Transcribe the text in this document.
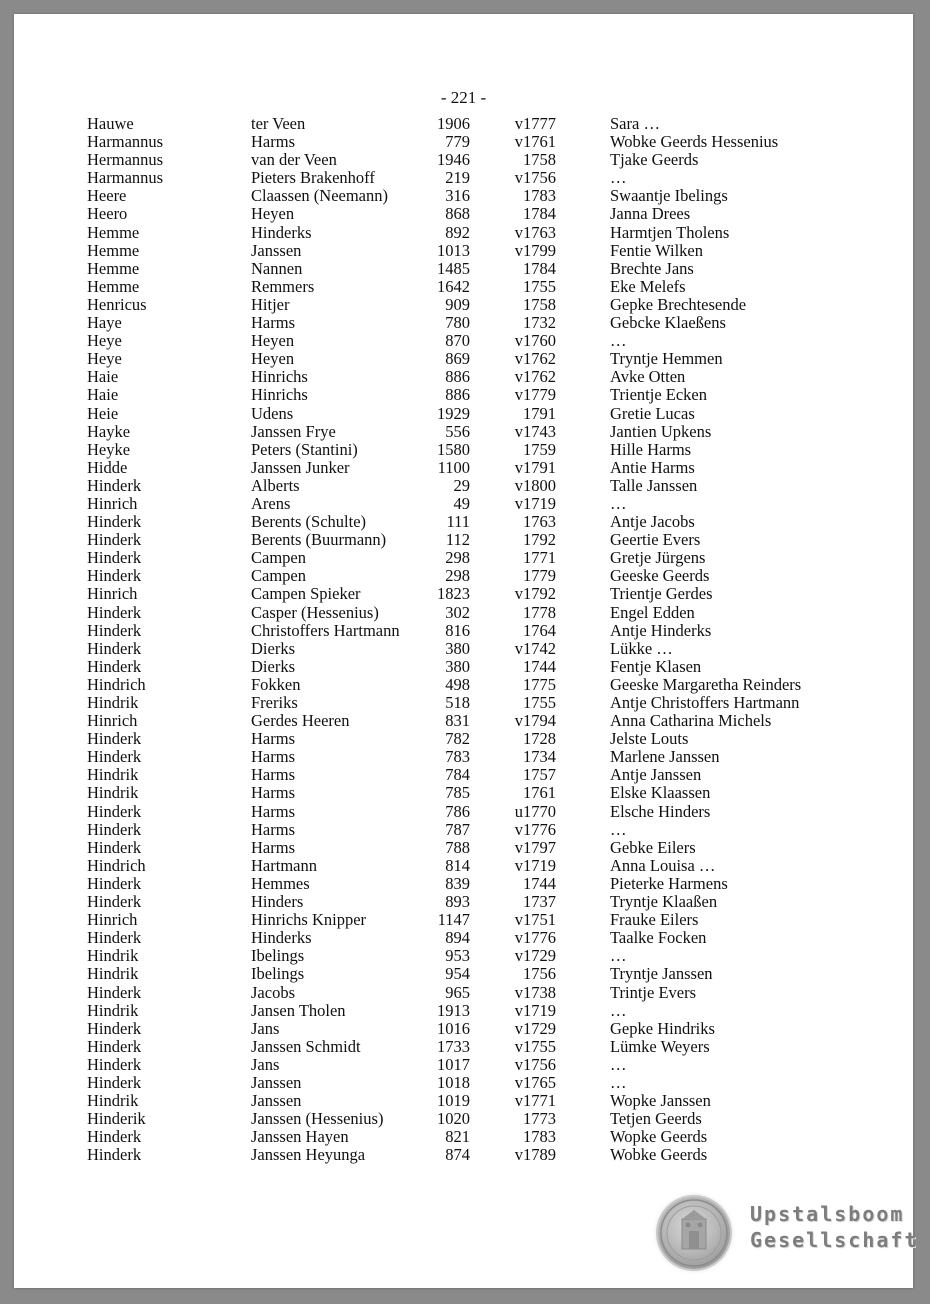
- 221 -
Hauwe	ter Veen	1906	v1777	Sara …
Harmannus	Harms	779	v1761	Wobke Geerds Hessenius
Hermannus	van der Veen	1946	1758	Tjake Geerds
Harmannus	Pieters Brakenhoff	219	v1756	…
Heere	Claassen (Neemann)	316	1783	Swaantje Ibelings
Heero	Heyen	868	1784	Janna Drees
Hemme	Hinderks	892	v1763	Harmtjen Tholens
Hemme	Janssen	1013	v1799	Fentie Wilken
Hemme	Nannen	1485	1784	Brechte Jans
Hemme	Remmers	1642	1755	Eke Melefs
Henricus	Hitjer	909	1758	Gepke Brechtesende
Haye	Harms	780	1732	Gebcke Klaeßens
Heye	Heyen	870	v1760	…
Heye	Heyen	869	v1762	Tryntje Hemmen
Haie	Hinrichs	886	v1762	Avke Otten
Haie	Hinrichs	886	v1779	Trientje Ecken
Heie	Udens	1929	1791	Gretie Lucas
Hayke	Janssen Frye	556	v1743	Jantien Upkens
Heyke	Peters (Stantini)	1580	1759	Hille Harms
Hidde	Janssen Junker	1100	v1791	Antie Harms
Hinderk	Alberts	29	v1800	Talle Janssen
Hinrich	Arens	49	v1719	…
Hinderk	Berents (Schulte)	111	1763	Antje Jacobs
Hinderk	Berents (Buurmann)	112	1792	Geertie Evers
Hinderk	Campen	298	1771	Gretje Jürgens
Hinderk	Campen	298	1779	Geeske Geerds
Hinrich	Campen Spieker	1823	v1792	Trientje Gerdes
Hinderk	Casper (Hessenius)	302	1778	Engel Edden
Hinderk	Christoffers Hartmann	816	1764	Antje Hinderks
Hinderk	Dierks	380	v1742	Lükke …
Hinderk	Dierks	380	1744	Fentje Klasen
Hindrich	Fokken	498	1775	Geeske Margaretha Reinders
Hindrik	Freriks	518	1755	Antje Christoffers Hartmann
Hinrich	Gerdes Heeren	831	v1794	Anna Catharina Michels
Hinderk	Harms	782	1728	Jelste Louts
Hinderk	Harms	783	1734	Marlene Janssen
Hindrik	Harms	784	1757	Antje Janssen
Hindrik	Harms	785	1761	Elske Klaassen
Hinderk	Harms	786	u1770	Elsche Hinders
Hinderk	Harms	787	v1776	…
Hinderk	Harms	788	v1797	Gebke Eilers
Hindrich	Hartmann	814	v1719	Anna Louisa …
Hinderk	Hemmes	839	1744	Pieterke Harmens
Hinderk	Hinders	893	1737	Tryntje Klaaßen
Hinrich	Hinrichs Knipper	1147	v1751	Frauke Eilers
Hinderk	Hinderks	894	v1776	Taalke Focken
Hindrik	Ibelings	953	v1729	…
Hindrik	Ibelings	954	1756	Tryntje Janssen
Hinderk	Jacobs	965	v1738	Trintje Evers
Hindrik	Jansen Tholen	1913	v1719	…
Hinderk	Jans	1016	v1729	Gepke Hindriks
Hinderk	Janssen Schmidt	1733	v1755	Lümke Weyers
Hinderk	Jans	1017	v1756	…
Hinderk	Janssen	1018	v1765	…
Hindrik	Janssen	1019	v1771	Wopke Janssen
Hinderik	Janssen (Hessenius)	1020	1773	Tetjen Geerds
Hinderk	Janssen Hayen	821	1783	Wopke Geerds
Hinderk	Janssen Heyunga	874	v1789	Wobke Geerds
Upstalsboom
Gesellschaft
